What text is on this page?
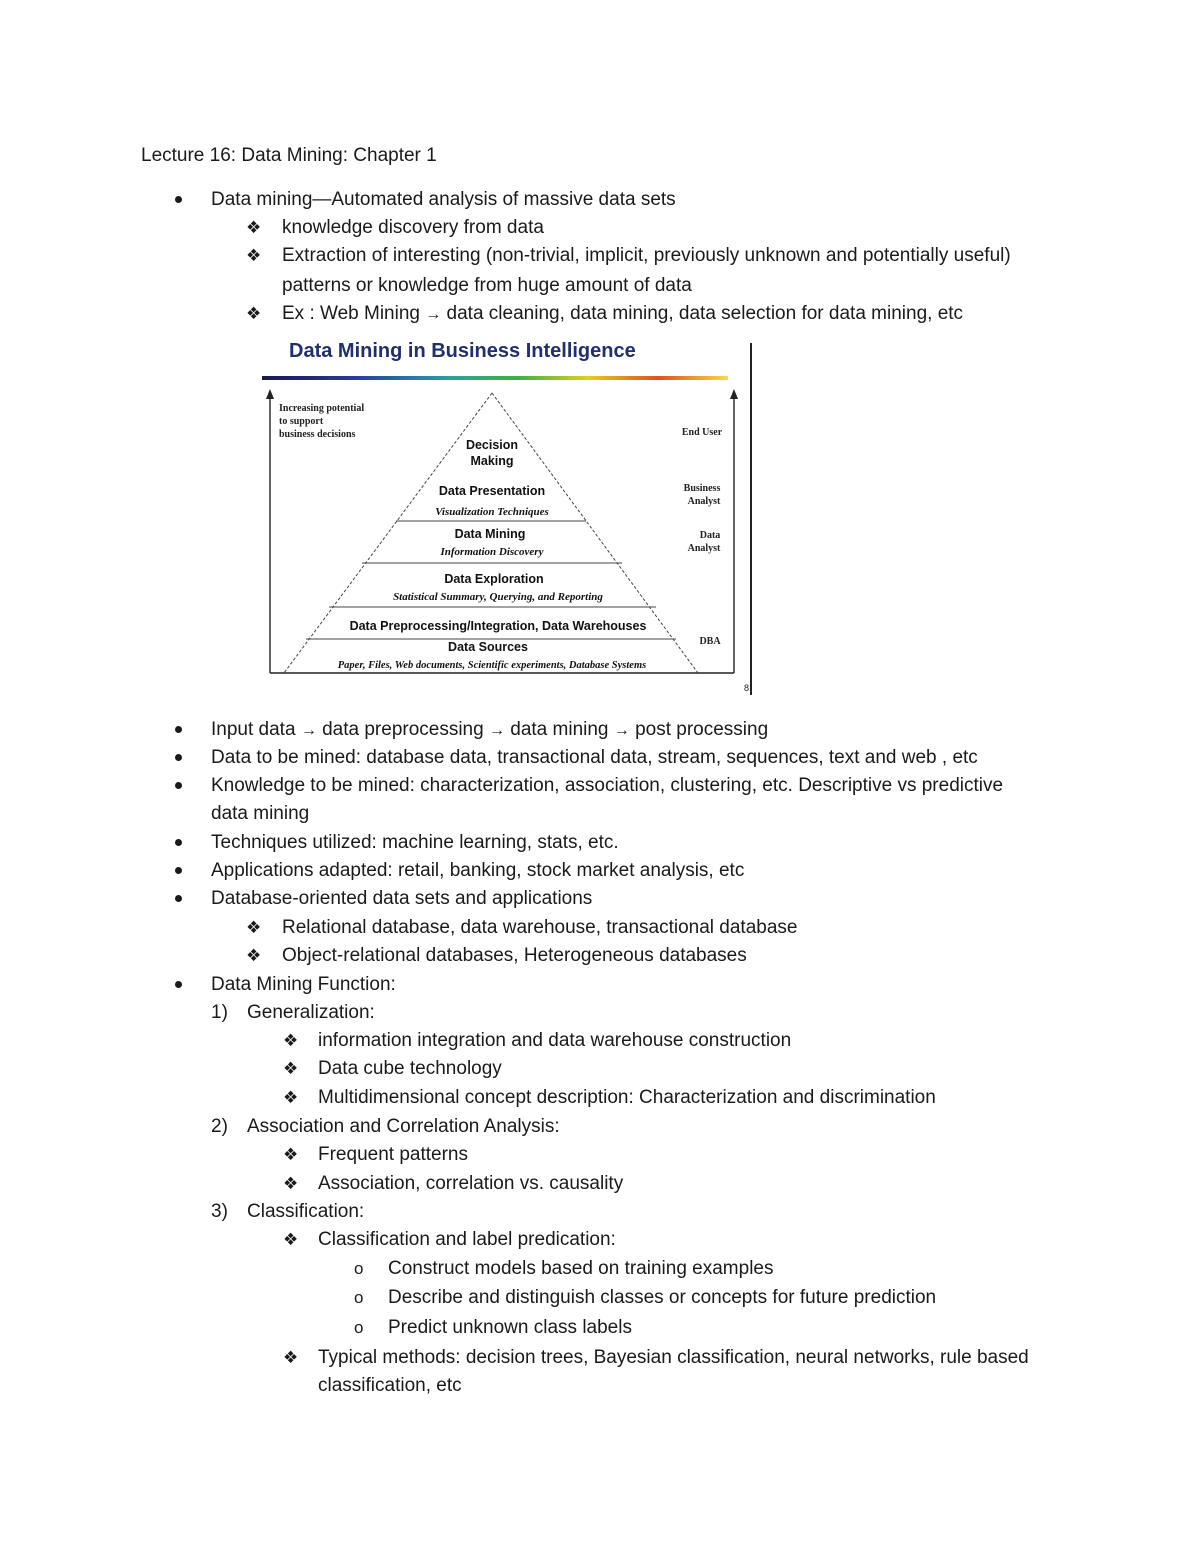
Lecture 16: Data Mining: Chapter 1
Data mining—Automated analysis of massive data sets
❖ knowledge discovery from data
❖ Extraction of interesting (non-trivial, implicit, previously unknown and potentially useful)
patterns or knowledge from huge amount of data
❖ Ex : Web Mining → data cleaning, data mining, data selection for data mining, etc
Data Mining in Business Intelligence
Increasing potential
to support
business decisions
Decision
Making
Data Presentation
Visualization Techniques
Data Mining
Information Discovery
Data Exploration
Statistical Summary, Querying, and Reporting
Data Preprocessing/Integration, Data Warehouses
Data Sources
Paper, Files, Web documents, Scientific experiments, Database Systems
End User
Business
Analyst
Data
Analyst
DBA
8
Input data → data preprocessing → data mining → post processing
Data to be mined: database data, transactional data, stream, sequences, text and web , etc
Knowledge to be mined: characterization, association, clustering, etc. Descriptive vs predictive
data mining
Techniques utilized: machine learning, stats, etc.
Applications adapted: retail, banking, stock market analysis, etc
Database-oriented data sets and applications
❖ Relational database, data warehouse, transactional database
❖ Object-relational databases, Heterogeneous databases
Data Mining Function:
1) Generalization:
❖ information integration and data warehouse construction
❖ Data cube technology
❖ Multidimensional concept description: Characterization and discrimination
2) Association and Correlation Analysis:
❖ Frequent patterns
❖ Association, correlation vs. causality
3) Classification:
❖ Classification and label predication:
o Construct models based on training examples
o Describe and distinguish classes or concepts for future prediction
o Predict unknown class labels
❖ Typical methods: decision trees, Bayesian classification, neural networks, rule based
classification, etc
